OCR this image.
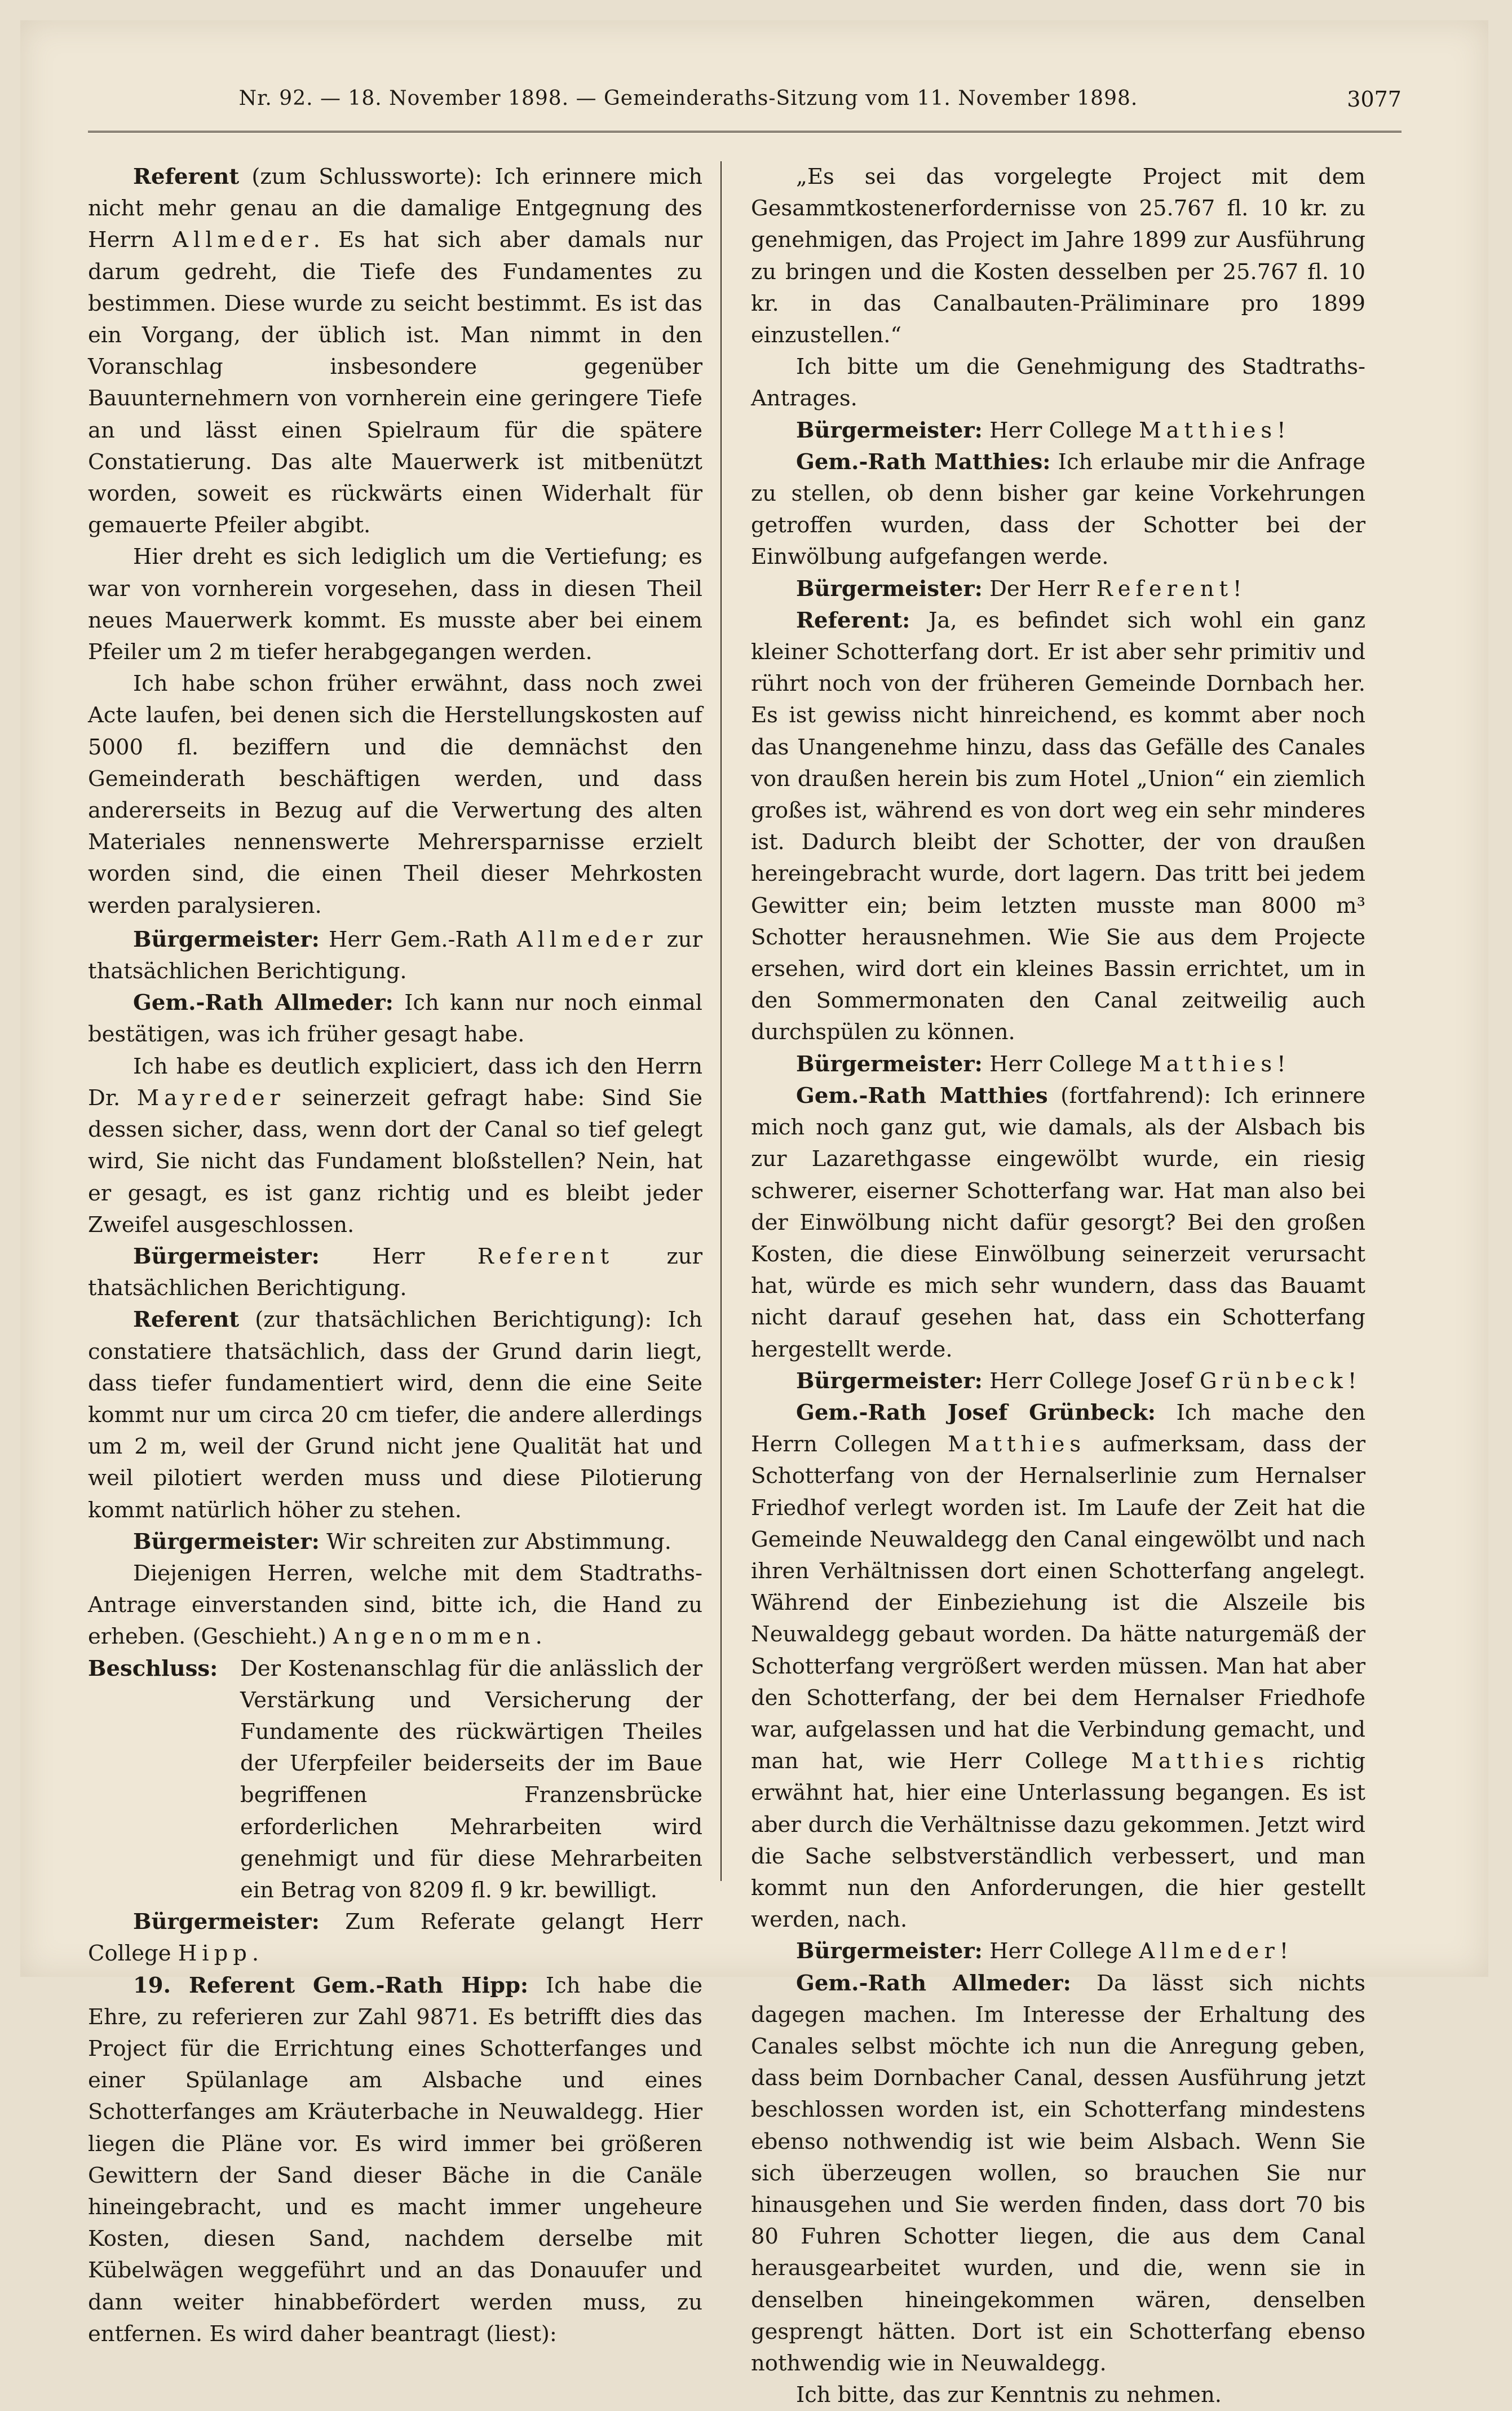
Nr. 92. — 18. November 1898. — Gemeinderaths-Sitzung vom 11. November 1898.	3077

Referent (zum Schlussworte): Ich erinnere mich nicht mehr genau an die damalige Entgegnung des Herrn Allmeder. Es hat sich aber damals nur darum gedreht, die Tiefe des Fundamentes zu bestimmen. Diese wurde zu seicht bestimmt. Es ist das ein Vorgang, der üblich ist. Man nimmt in den Voranschlag insbesondere gegenüber Bauunternehmern von vornherein eine geringere Tiefe an und lässt einen Spielraum für die spätere Constatierung. Das alte Mauerwerk ist mitbenützt worden, soweit es rückwärts einen Widerhalt für gemauerte Pfeiler abgibt.

Hier dreht es sich lediglich um die Vertiefung; es war von vornherein vorgesehen, dass in diesen Theil neues Mauerwerk kommt. Es musste aber bei einem Pfeiler um 2 m tiefer herabgegangen werden.

Ich habe schon früher erwähnt, dass noch zwei Acte laufen, bei denen sich die Herstellungskosten auf 5000 fl. beziffern und die demnächst den Gemeinderath beschäftigen werden, und dass andererseits in Bezug auf die Verwertung des alten Materiales nennenswerte Mehrersparnisse erzielt worden sind, die einen Theil dieser Mehrkosten werden paralysieren.

Bürgermeister: Herr Gem.-Rath Allmeder zur thatsächlichen Berichtigung.

Gem.-Rath Allmeder: Ich kann nur noch einmal bestätigen, was ich früher gesagt habe.

Ich habe es deutlich expliciert, dass ich den Herrn Dr. Mayreder seinerzeit gefragt habe: Sind Sie dessen sicher, dass, wenn dort der Canal so tief gelegt wird, Sie nicht das Fundament bloßstellen? Nein, hat er gesagt, es ist ganz richtig und es bleibt jeder Zweifel ausgeschlossen.

Bürgermeister: Herr Referent zur thatsächlichen Berichtigung.

Referent (zur thatsächlichen Berichtigung): Ich constatiere thatsächlich, dass der Grund darin liegt, dass tiefer fundamentiert wird, denn die eine Seite kommt nur um circa 20 cm tiefer, die andere allerdings um 2 m, weil der Grund nicht jene Qualität hat und weil pilotiert werden muss und diese Pilotierung kommt natürlich höher zu stehen.

Bürgermeister: Wir schreiten zur Abstimmung.

Diejenigen Herren, welche mit dem Stadtraths-Antrage einverstanden sind, bitte ich, die Hand zu erheben. (Geschieht.) Angenommen.

Beschluss: Der Kostenanschlag für die anlässlich der Verstärkung und Versicherung der Fundamente des rückwärtigen Theiles der Uferpfeiler beiderseits der im Baue begriffenen Franzensbrücke erforderlichen Mehrarbeiten wird genehmigt und für diese Mehrarbeiten ein Betrag von 8209 fl. 9 kr. bewilligt.

Bürgermeister: Zum Referate gelangt Herr College Hipp.

19. Referent Gem.-Rath Hipp: Ich habe die Ehre, zu referieren zur Zahl 9871. Es betrifft dies das Project für die Errichtung eines Schotterfanges und einer Spülanlage am Alsbache und eines Schotterfanges am Kräuterbache in Neuwaldegg. Hier liegen die Pläne vor. Es wird immer bei größeren Gewittern der Sand dieser Bäche in die Canäle hineingebracht, und es macht immer ungeheure Kosten, diesen Sand, nachdem derselbe mit Kübelwägen weggeführt und an das Donauufer und dann weiter hinabbefördert werden muss, zu entfernen. Es wird daher beantragt (liest):

„Es sei das vorgelegte Project mit dem Gesammtkostenerfordernisse von 25.767 fl. 10 kr. zu genehmigen, das Project im Jahre 1899 zur Ausführung zu bringen und die Kosten desselben per 25.767 fl. 10 kr. in das Canalbauten-Präliminare pro 1899 einzustellen.“

Ich bitte um die Genehmigung des Stadtraths-Antrages.

Bürgermeister: Herr College Matthies!

Gem.-Rath Matthies: Ich erlaube mir die Anfrage zu stellen, ob denn bisher gar keine Vorkehrungen getroffen wurden, dass der Schotter bei der Einwölbung aufgefangen werde.

Bürgermeister: Der Herr Referent!

Referent: Ja, es befindet sich wohl ein ganz kleiner Schotterfang dort. Er ist aber sehr primitiv und rührt noch von der früheren Gemeinde Dornbach her. Es ist gewiss nicht hinreichend, es kommt aber noch das Unangenehme hinzu, dass das Gefälle des Canales von draußen herein bis zum Hotel „Union“ ein ziemlich großes ist, während es von dort weg ein sehr minderes ist. Dadurch bleibt der Schotter, der von draußen hereingebracht wurde, dort lagern. Das tritt bei jedem Gewitter ein; beim letzten musste man 8000 m³ Schotter herausnehmen. Wie Sie aus dem Projecte ersehen, wird dort ein kleines Bassin errichtet, um in den Sommermonaten den Canal zeitweilig auch durchspülen zu können.

Bürgermeister: Herr College Matthies!

Gem.-Rath Matthies (fortfahrend): Ich erinnere mich noch ganz gut, wie damals, als der Alsbach bis zur Lazarethgasse eingewölbt wurde, ein riesig schwerer, eiserner Schotterfang war. Hat man also bei der Einwölbung nicht dafür gesorgt? Bei den großen Kosten, die diese Einwölbung seinerzeit verursacht hat, würde es mich sehr wundern, dass das Bauamt nicht darauf gesehen hat, dass ein Schotterfang hergestellt werde.

Bürgermeister: Herr College Josef Grünbeck!

Gem.-Rath Josef Grünbeck: Ich mache den Herrn Collegen Matthies aufmerksam, dass der Schotterfang von der Hernalserlinie zum Hernalser Friedhof verlegt worden ist. Im Laufe der Zeit hat die Gemeinde Neuwaldegg den Canal eingewölbt und nach ihren Verhältnissen dort einen Schotterfang angelegt. Während der Einbeziehung ist die Alszeile bis Neuwaldegg gebaut worden. Da hätte naturgemäß der Schotterfang vergrößert werden müssen. Man hat aber den Schotterfang, der bei dem Hernalser Friedhofe war, aufgelassen und hat die Verbindung gemacht, und man hat, wie Herr College Matthies richtig erwähnt hat, hier eine Unterlassung begangen. Es ist aber durch die Verhältnisse dazu gekommen. Jetzt wird die Sache selbstverständlich verbessert, und man kommt nun den Anforderungen, die hier gestellt werden, nach.

Bürgermeister: Herr College Allmeder!

Gem.-Rath Allmeder: Da lässt sich nichts dagegen machen. Im Interesse der Erhaltung des Canales selbst möchte ich nun die Anregung geben, dass beim Dornbacher Canal, dessen Ausführung jetzt beschlossen worden ist, ein Schotterfang mindestens ebenso nothwendig ist wie beim Alsbach. Wenn Sie sich überzeugen wollen, so brauchen Sie nur hinausgehen und Sie werden finden, dass dort 70 bis 80 Fuhren Schotter liegen, die aus dem Canal herausgearbeitet wurden, und die, wenn sie in denselben hineingekommen wären, denselben gesprengt hätten. Dort ist ein Schotterfang ebenso nothwendig wie in Neuwaldegg.

Ich bitte, das zur Kenntnis zu nehmen.
